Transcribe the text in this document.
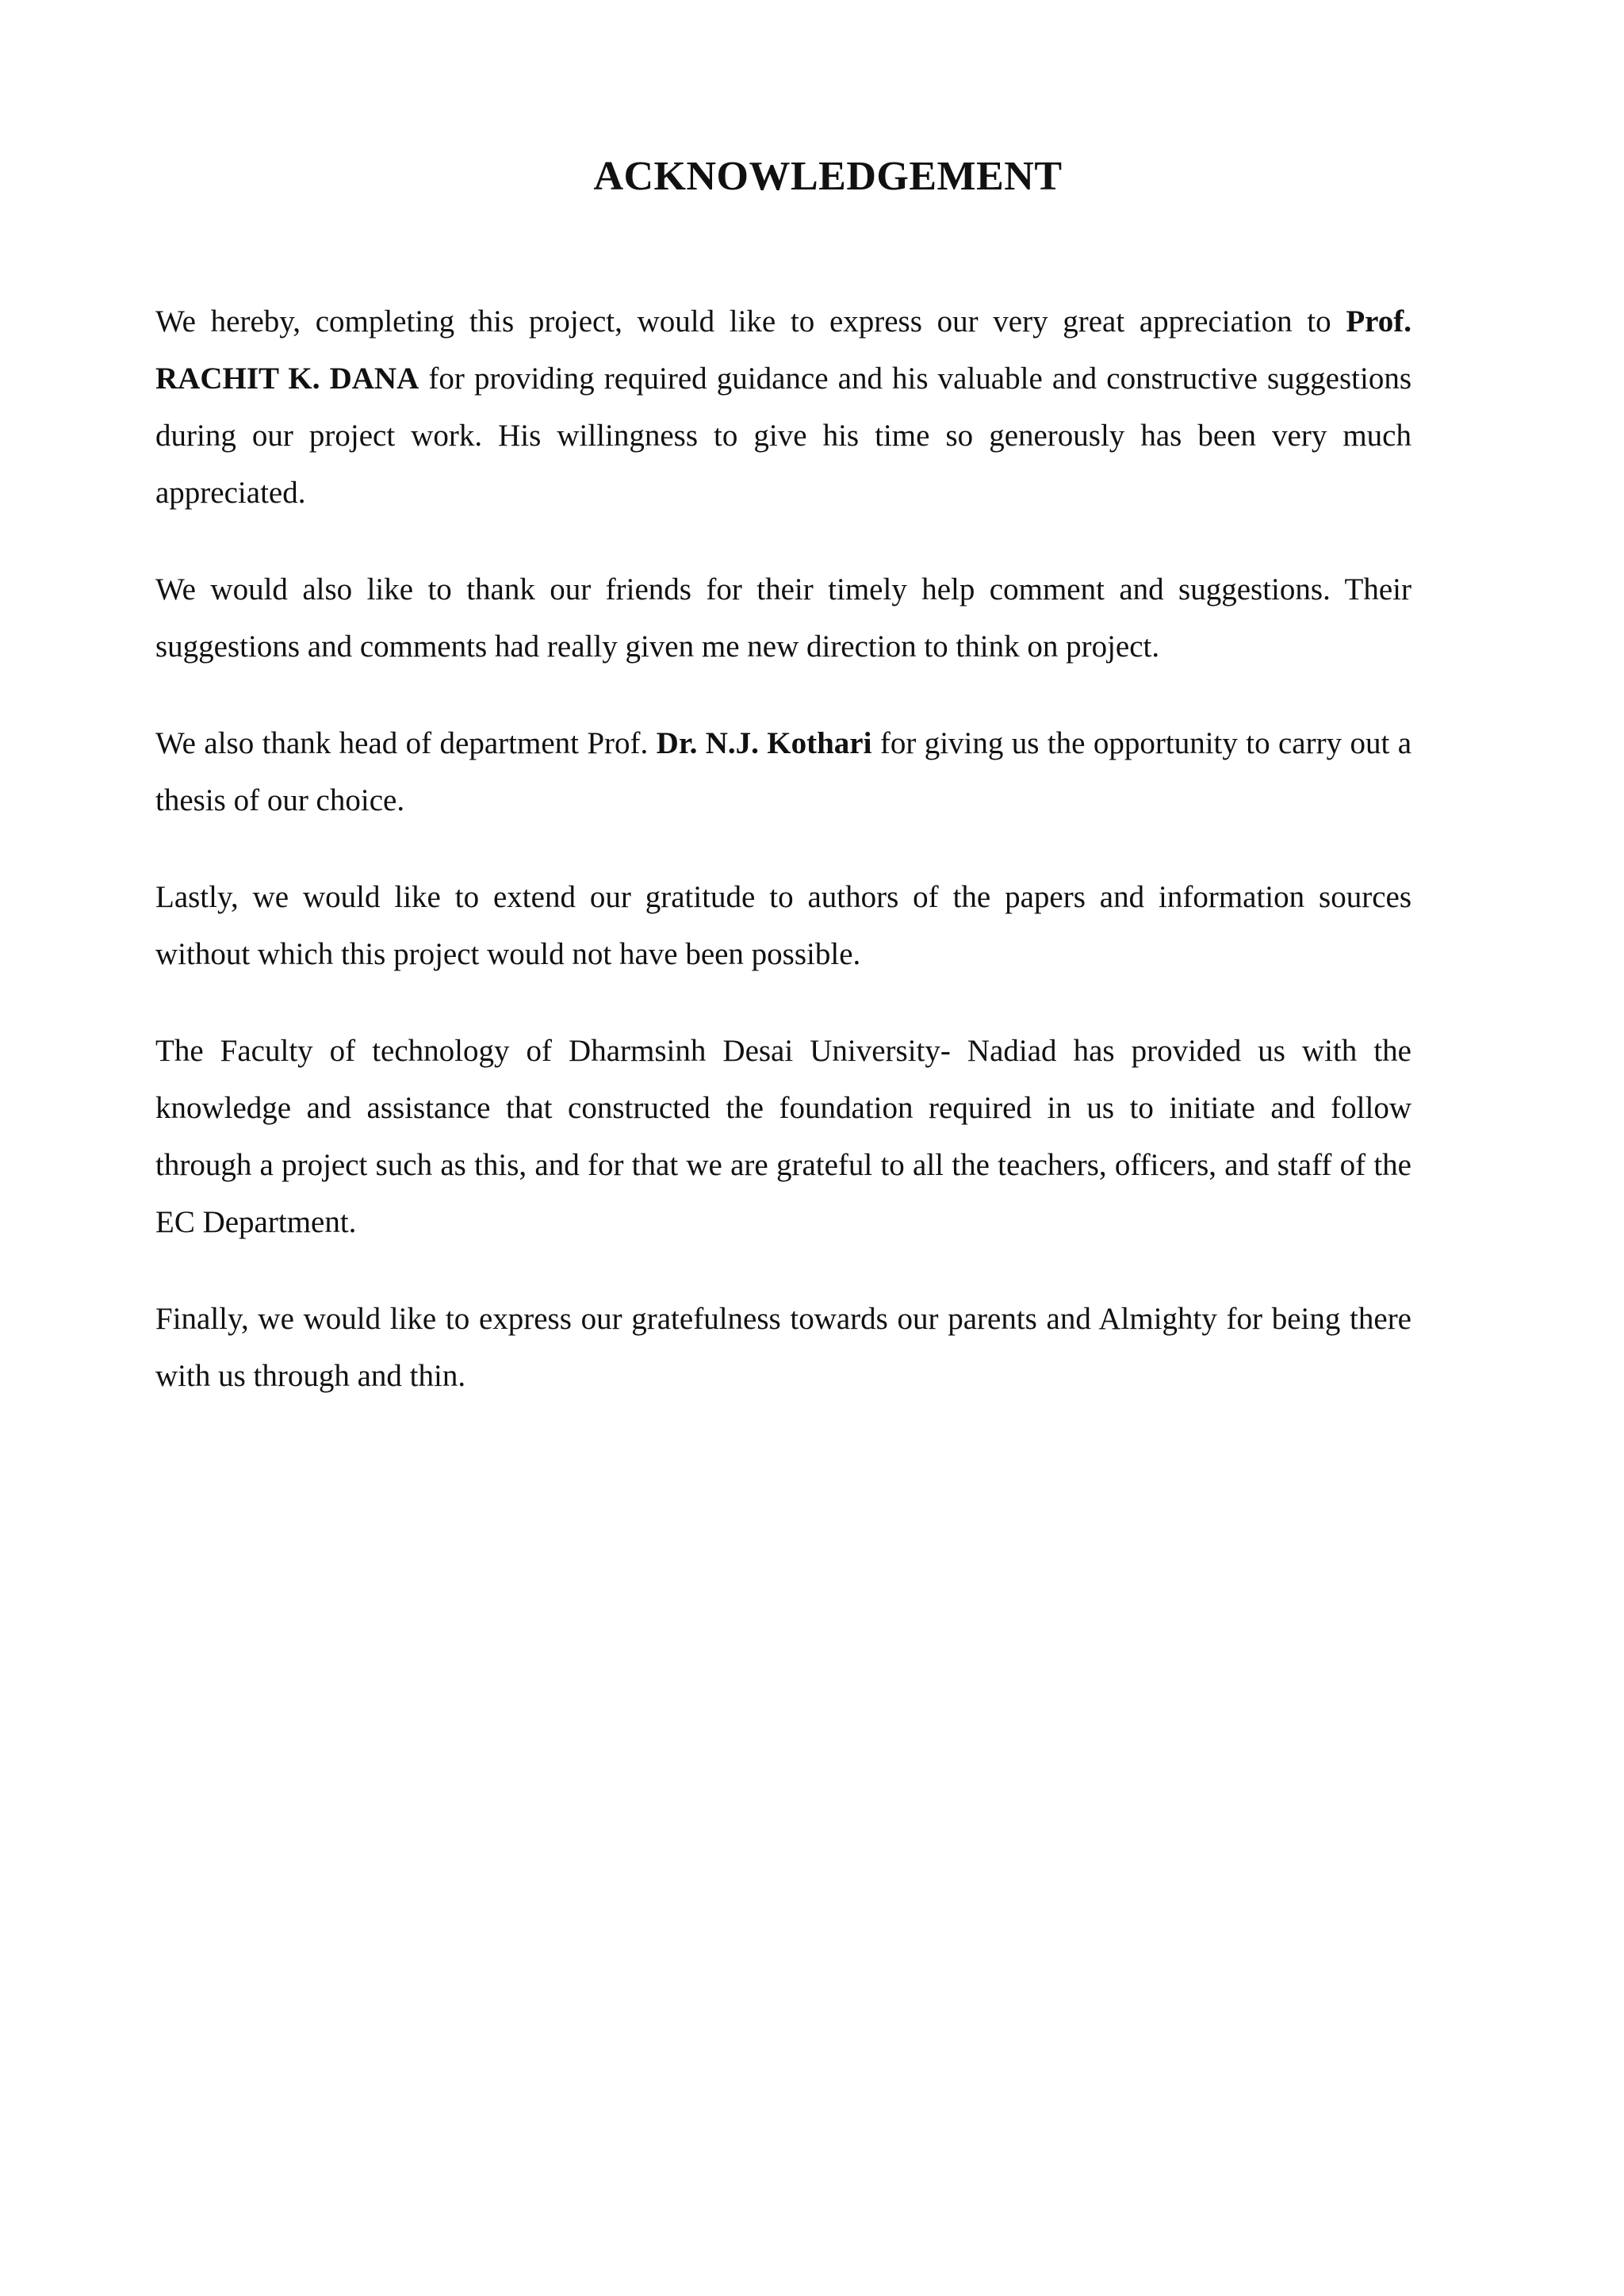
ACKNOWLEDGEMENT

We hereby, completing this project, would like to express our very great appreciation to Prof. RACHIT K. DANA for providing required guidance and his valuable and constructive suggestions during our project work. His willingness to give his time so generously has been very much appreciated.

We would also like to thank our friends for their timely help comment and suggestions. Their suggestions and comments had really given me new direction to think on project.

We also thank head of department Prof. Dr. N.J. Kothari for giving us the opportunity to carry out a thesis of our choice.

Lastly, we would like to extend our gratitude to authors of the papers and information sources without which this project would not have been possible.

The Faculty of technology of Dharmsinh Desai University- Nadiad has provided us with the knowledge and assistance that constructed the foundation required in us to initiate and follow through a project such as this, and for that we are grateful to all the teachers, officers, and staff of the EC Department.

Finally, we would like to express our gratefulness towards our parents and Almighty for being there with us through and thin.
